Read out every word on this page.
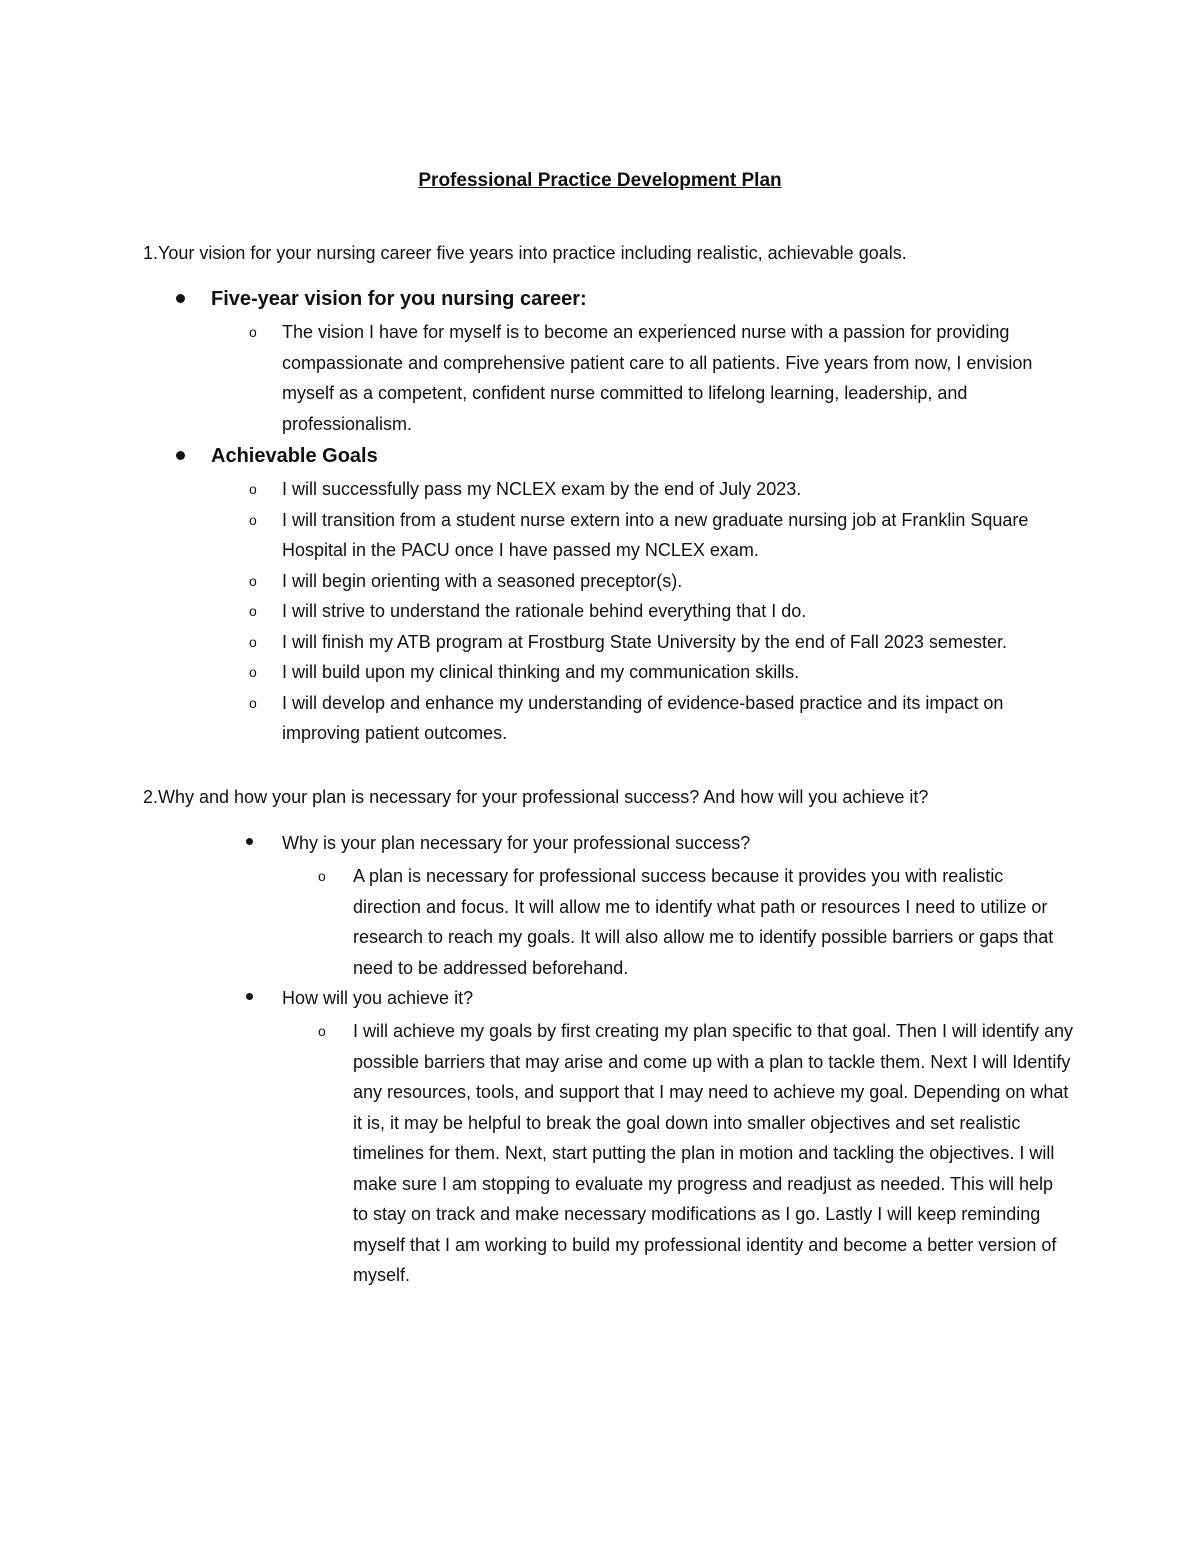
Professional Practice Development Plan
1.Your vision for your nursing career five years into practice including realistic, achievable goals.
Five-year vision for you nursing career:
o The vision I have for myself is to become an experienced nurse with a passion for providing compassionate and comprehensive patient care to all patients. Five years from now, I envision myself as a competent, confident nurse committed to lifelong learning, leadership, and professionalism.
Achievable Goals
o I will successfully pass my NCLEX exam by the end of July 2023.
o I will transition from a student nurse extern into a new graduate nursing job at Franklin Square Hospital in the PACU once I have passed my NCLEX exam.
o I will begin orienting with a seasoned preceptor(s).
o I will strive to understand the rationale behind everything that I do.
o I will finish my ATB program at Frostburg State University by the end of Fall 2023 semester.
o I will build upon my clinical thinking and my communication skills.
o I will develop and enhance my understanding of evidence-based practice and its impact on improving patient outcomes.
2.Why and how your plan is necessary for your professional success? And how will you achieve it?
Why is your plan necessary for your professional success?
o A plan is necessary for professional success because it provides you with realistic direction and focus. It will allow me to identify what path or resources I need to utilize or research to reach my goals. It will also allow me to identify possible barriers or gaps that need to be addressed beforehand.
How will you achieve it?
o I will achieve my goals by first creating my plan specific to that goal. Then I will identify any possible barriers that may arise and come up with a plan to tackle them. Next I will Identify any resources, tools, and support that I may need to achieve my goal. Depending on what it is, it may be helpful to break the goal down into smaller objectives and set realistic timelines for them. Next, start putting the plan in motion and tackling the objectives. I will make sure I am stopping to evaluate my progress and readjust as needed. This will help to stay on track and make necessary modifications as I go. Lastly I will keep reminding myself that I am working to build my professional identity and become a better version of myself.
